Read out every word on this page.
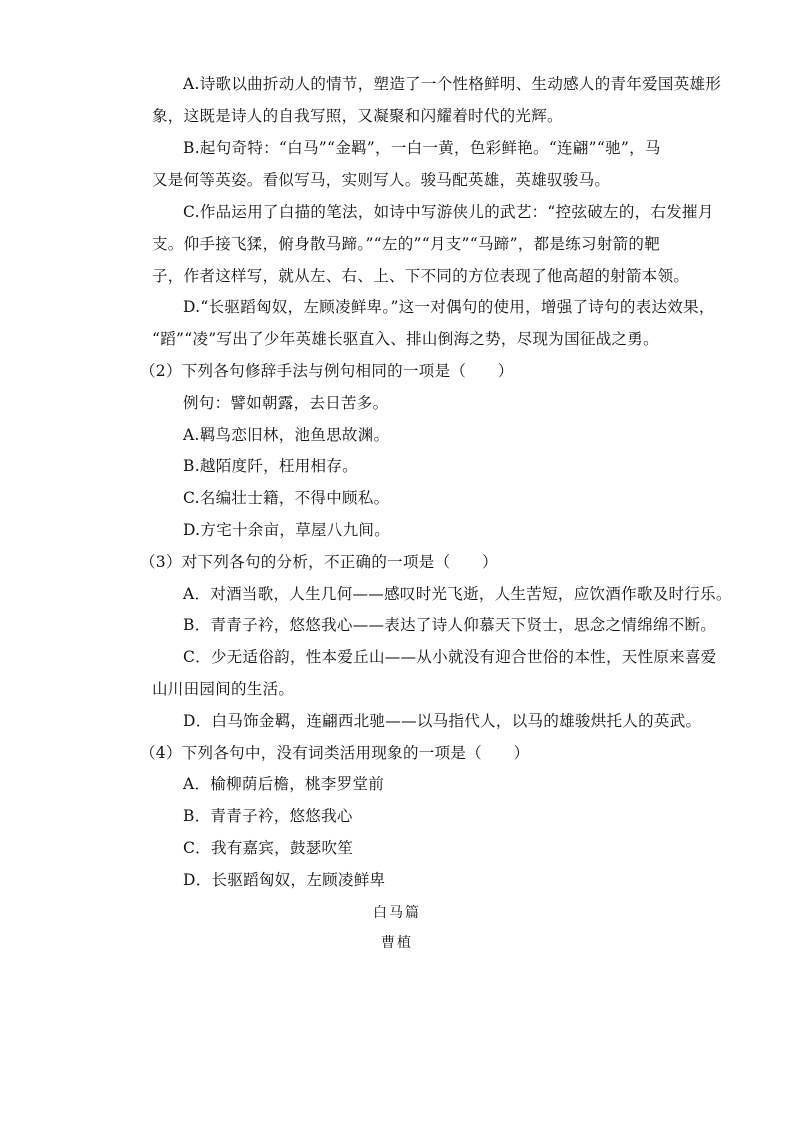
A.诗歌以曲折动人的情节，塑造了一个性格鲜明、生动感人的青年爱国英雄形
象，这既是诗人的自我写照，又凝聚和闪耀着时代的光辉。
B.起句奇特：“白马”“金羁”，一白一黄，色彩鲜艳。“连翩”“驰”，马
又是何等英姿。看似写马，实则写人。骏马配英雄，英雄驭骏马。
C.作品运用了白描的笔法，如诗中写游侠儿的武艺：“控弦破左的，右发摧月
支。仰手接飞猱，俯身散马蹄。”“左的”“月支”“马蹄”，都是练习射箭的靶
子，作者这样写，就从左、右、上、下不同的方位表现了他高超的射箭本领。
D.“长驱蹈匈奴，左顾凌鲜卑。”这一对偶句的使用，增强了诗句的表达效果，
“蹈”“凌”写出了少年英雄长驱直入、排山倒海之势，尽现为国征战之勇。
（2）下列各句修辞手法与例句相同的一项是（　　）
例句：譬如朝露，去日苦多。
A.羁鸟恋旧林，池鱼思故渊。
B.越陌度阡，枉用相存。
C.名编壮士籍，不得中顾私。
D.方宅十余亩，草屋八九间。
（3）对下列各句的分析，不正确的一项是（　　）
A．对酒当歌，人生几何——感叹时光飞逝，人生苦短，应饮酒作歌及时行乐。
B．青青子衿，悠悠我心——表达了诗人仰慕天下贤士，思念之情绵绵不断。
C．少无适俗韵，性本爱丘山——从小就没有迎合世俗的本性，天性原来喜爱
山川田园间的生活。
D．白马饰金羁，连翩西北驰——以马指代人，以马的雄骏烘托人的英武。
（4）下列各句中，没有词类活用现象的一项是（　　）
A．榆柳荫后檐，桃李罗堂前
B．青青子衿，悠悠我心
C．我有嘉宾，鼓瑟吹笙
D．长驱蹈匈奴，左顾凌鲜卑
白马篇
曹植
